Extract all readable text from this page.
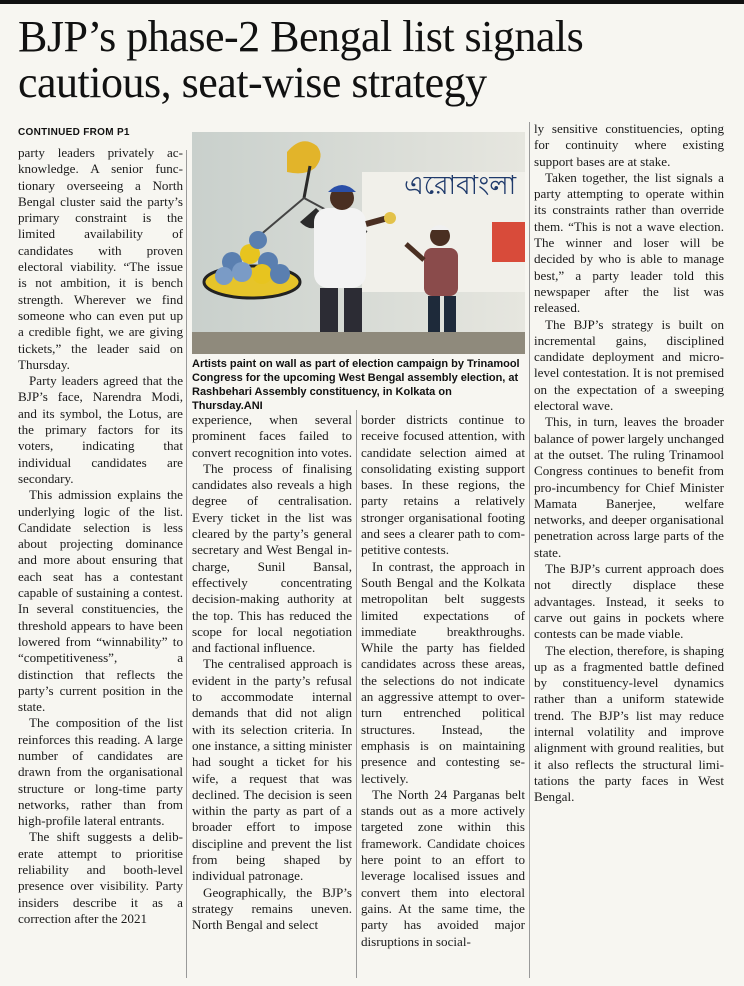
BJP’s phase-2 Bengal list signals
cautious, seat-wise strategy
CONTINUED FROM P1

party leaders privately acknowledge. A senior functionary overseeing a North Bengal cluster said the party’s primary constraint is the limited availability of candidates with proven electoral viability. “The issue is not ambition, it is bench strength. Wherever we find someone who can even put up a credible fight, we are giving tickets,” the leader said on Thursday.

Party leaders agreed that the BJP’s face, Narendra Modi, and its symbol, the Lotus, are the primary factors for its voters, indicating that individual candidates are secondary.

This admission explains the underlying logic of the list. Candidate selection is less about projecting dominance and more about ensuring that each seat has a contestant capable of sustaining a contest. In several constituencies, the threshold appears to have been lowered from “winnability” to “competitiveness”, a distinction that reflects the party’s current position in the state.

The composition of the list reinforces this reading. A large number of candidates are drawn from the organisational structure or long-time party networks, rather than from high-profile lateral entrants.

The shift suggests a deliberate attempt to prioritise reliability and booth-level presence over visibility. Party insiders describe it as a correction after the 2021

এরোবাংলা
Artists paint on wall as part of election campaign by Trinamool Congress for the upcoming West Bengal assembly election, at Rashbehari Assembly constituency, in Kolkata on Thursday.ANI

experience, when several prominent faces failed to convert recognition into votes.

The process of finalising candidates also reveals a high degree of centralisation. Every ticket in the list was cleared by the party’s general secretary and West Bengal in-charge, Sunil Bansal, effectively concentrating decision-making authority at the top. This has reduced the scope for local negotiation and factional influence.

The centralised approach is evident in the party’s refusal to accommodate internal demands that did not align with its selection criteria. In one instance, a sitting minister had sought a ticket for his wife, a request that was declined. The decision is seen within the party as part of a broader effort to impose discipline and prevent the list from being shaped by individual patronage.

Geographically, the BJP’s strategy remains uneven. North Bengal and select

border districts continue to receive focused attention, with candidate selection aimed at consolidating existing support bases. In these regions, the party retains a relatively stronger organisational footing and sees a clearer path to competitive contests.

In contrast, the approach in South Bengal and the Kolkata metropolitan belt suggests limited expectations of immediate breakthroughs. While the party has fielded candidates across these areas, the selections do not indicate an aggressive attempt to overturn entrenched political structures. Instead, the emphasis is on maintaining presence and contesting selectively.

The North 24 Parganas belt stands out as a more actively targeted zone within this framework. Candidate choices here point to an effort to leverage localised issues and convert them into electoral gains. At the same time, the party has avoided major disruptions in social-

ly sensitive constituencies, opting for continuity where existing support bases are at stake.

Taken together, the list signals a party attempting to operate within its constraints rather than override them. “This is not a wave election. The winner and loser will be decided by who is able to manage best,” a party leader told this newspaper after the list was released.

The BJP’s strategy is built on incremental gains, disciplined candidate deployment and micro-level contestation. It is not premised on the expectation of a sweeping electoral wave.

This, in turn, leaves the broader balance of power largely unchanged at the outset. The ruling Trinamool Congress continues to benefit from pro-incumbency for Chief Minister Mamata Banerjee, welfare networks, and deeper organisational penetration across large parts of the state.

The BJP’s current approach does not directly displace these advantages. Instead, it seeks to carve out gains in pockets where contests can be made viable.

The election, therefore, is shaping up as a fragmented battle defined by constituency-level dynamics rather than a uniform statewide trend. The BJP’s list may reduce internal volatility and improve alignment with ground realities, but it also reflects the structural limitations the party faces in West Bengal.
